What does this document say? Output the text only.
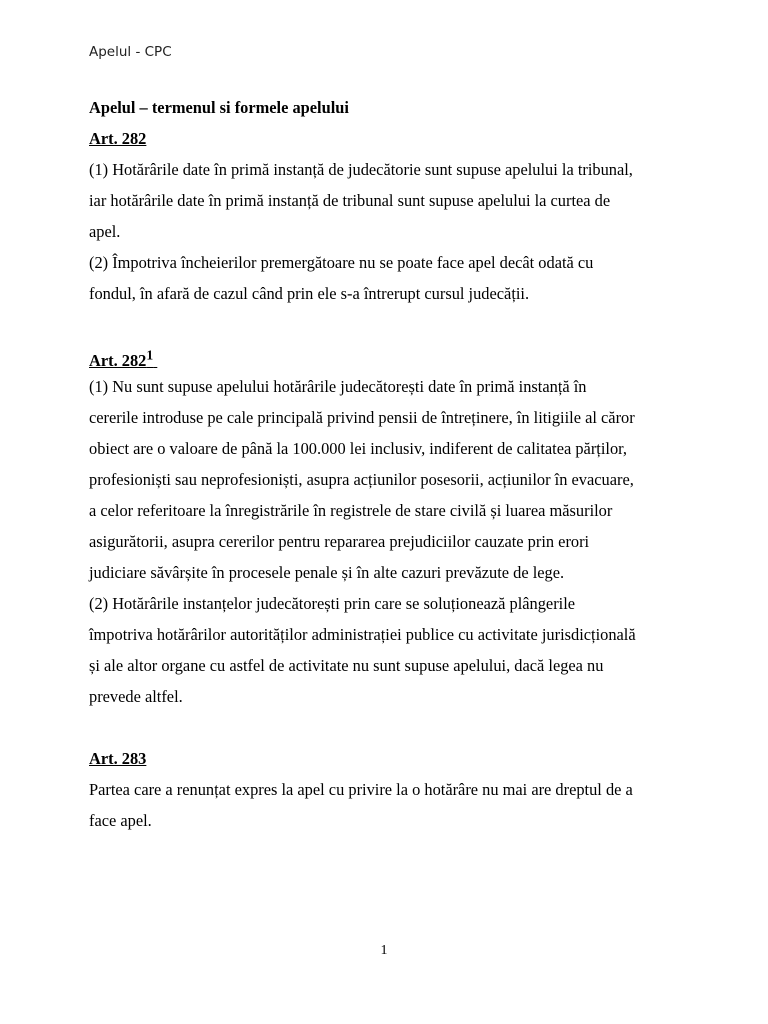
Apelul - CPC
Apelul – termenul si formele apelului
Art. 282
(1) Hotărârile date în primă instanță de judecătorie sunt supuse apelului la tribunal,
iar hotărârile date în primă instanță de tribunal sunt supuse apelului la curtea de
apel.
(2) Împotriva încheierilor premergătoare nu se poate face apel decât odată cu
fondul, în afară de cazul când prin ele s-a întrerupt cursul judecății.
Art. $282^1$
(1) Nu sunt supuse apelului hotărârile judecătorești date în primă instanță în
cererile introduse pe cale principală privind pensii de întreținere, în litigiile al căror
obiect are o valoare de până la 100.000 lei inclusiv, indiferent de calitatea părților,
profesioniști sau neprofesioniști, asupra acțiunilor posesorii, acțiunilor în evacuare,
a celor referitoare la înregistrările în registrele de stare civilă și luarea măsurilor
asigurătorii, asupra cererilor pentru repararea prejudiciilor cauzate prin erori
judiciare săvârșite în procesele penale și în alte cazuri prevăzute de lege.
(2) Hotărârile instanțelor judecătorești prin care se soluționează plângerile
împotriva hotărârilor autorităților administrației publice cu activitate jurisdicțională
și ale altor organe cu astfel de activitate nu sunt supuse apelului, dacă legea nu
prevede altfel.
Art. 283
Partea care a renunțat expres la apel cu privire la o hotărâre nu mai are dreptul de a
face apel.
1
